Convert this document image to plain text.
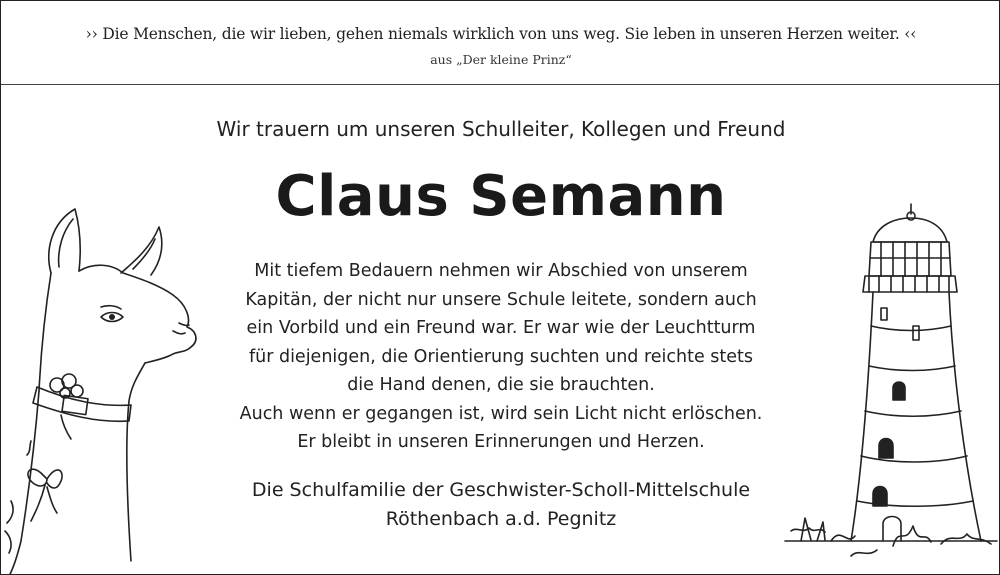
›› Die Menschen, die wir lieben, gehen niemals wirklich von uns weg. Sie leben in unseren Herzen weiter. ‹‹
aus „Der kleine Prinz“
Wir trauern um unseren Schulleiter, Kollegen und Freund
Claus Semann
Mit tiefem Bedauern nehmen wir Abschied von unserem
Kapitän, der nicht nur unsere Schule leitete, sondern auch
ein Vorbild und ein Freund war. Er war wie der Leuchtturm
für diejenigen, die Orientierung suchten und reichte stets
die Hand denen, die sie brauchten.
Auch wenn er gegangen ist, wird sein Licht nicht erlöschen.
Er bleibt in unseren Erinnerungen und Herzen.
Die Schulfamilie der Geschwister-Scholl-Mittelschule
Röthenbach a.d. Pegnitz
